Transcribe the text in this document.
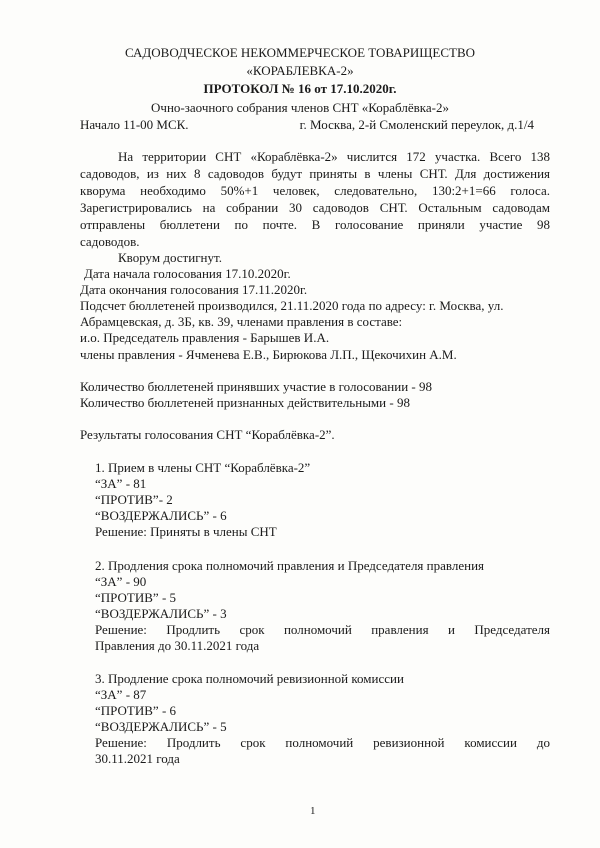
САДОВОДЧЕСКОЕ НЕКОММЕРЧЕСКОЕ ТОВАРИЩЕСТВО
«КОРАБЛЕВКА-2»
ПРОТОКОЛ № 16 от 17.10.2020г.
Очно-заочного собрания членов СНТ «Кораблёвка-2»
Начало 11-00 МСК.	г. Москва, 2-й Смоленский переулок, д.1/4
На территории СНТ «Кораблёвка-2» числится 172 участка. Всего 138
садоводов, из них 8 садоводов будут приняты в члены СНТ. Для достижения
кворума необходимо 50%+1 человек, следовательно, 130:2+1=66 голоса.
Зарегистрировались на собрании 30 садоводов СНТ. Остальным садоводам
отправлены бюллетени по почте. В голосование приняли участие 98
садоводов.
Кворум достигнут.
Дата начала голосования 17.10.2020г.
Дата окончания голосования 17.11.2020г.
Подсчет бюллетеней производился, 21.11.2020 года по адресу: г. Москва, ул.
Абрамцевская, д. 3Б, кв. 39, членами правления в составе:
и.о. Председатель правления - Барышев И.А.
члены правления - Ячменева Е.В., Бирюкова Л.П., Щекочихин А.М.
Количество бюллетеней принявших участие в голосовании - 98
Количество бюллетеней признанных действительными - 98
Результаты голосования СНТ “Кораблёвка-2”.
1. Прием в члены СНТ “Кораблёвка-2”
“ЗА” - 81
“ПРОТИВ”- 2
“ВОЗДЕРЖАЛИСЬ” - 6
Решение: Приняты в члены СНТ
2. Продления срока полномочий правления и Председателя правления
“ЗА” - 90
“ПРОТИВ” - 5
“ВОЗДЕРЖАЛИСЬ” - 3
Решение: Продлить срок полномочий правления и Председателя
Правления до 30.11.2021 года
3. Продление срока полномочий ревизионной комиссии
“ЗА” - 87
“ПРОТИВ” - 6
“ВОЗДЕРЖАЛИСЬ” - 5
Решение: Продлить срок полномочий ревизионной комиссии до
30.11.2021 года
1
